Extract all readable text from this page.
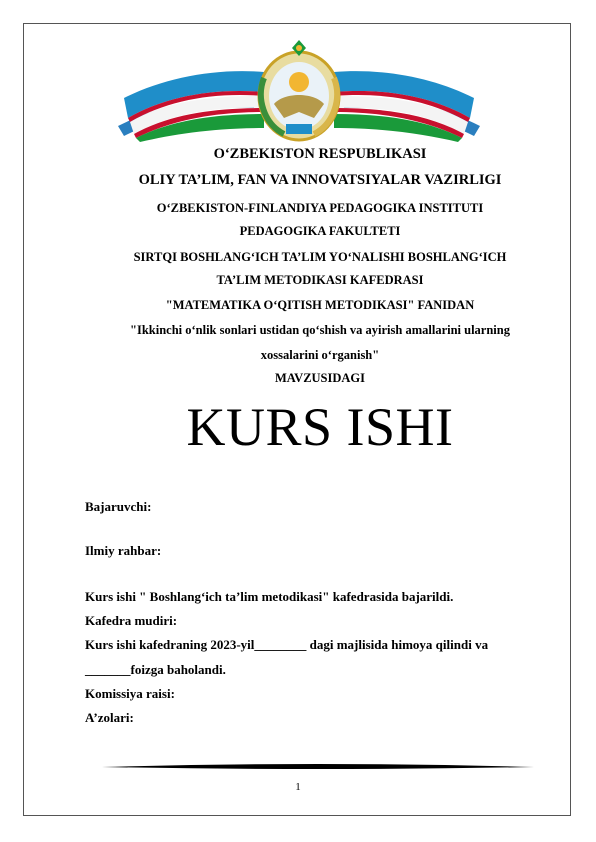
O‘ZBEKISTON RESPUBLIKASI
OLIY TA’LIM, FAN VA INNOVATSIYALAR VAZIRLIGI
O‘ZBEKISTON-FINLANDIYA PEDAGOGIKA INSTITUTI
PEDAGOGIKA FAKULTETI
SIRTQI BOSHLANG‘ICH TA’LIM YO‘NALISHI BOSHLANG‘ICH
TA’LIM METODIKASI KAFEDRASI
"MATEMATIKA O‘QITISH METODIKASI" FANIDAN
"Ikkinchi o‘nlik sonlari ustidan qo‘shish va ayirish amallarini ularning
xossalarini o‘rganish"
MAVZUSIDAGI
KURS ISHI
Bajaruvchi:
Ilmiy rahbar:
Kurs ishi " Boshlang‘ich ta’lim metodikasi" kafedrasida bajarildi.
Kafedra mudiri:
Kurs ishi kafedraning 2023-yil________ dagi majlisida himoya qilindi va
_______foizga baholandi.
Komissiya raisi:
A’zolari:
1
